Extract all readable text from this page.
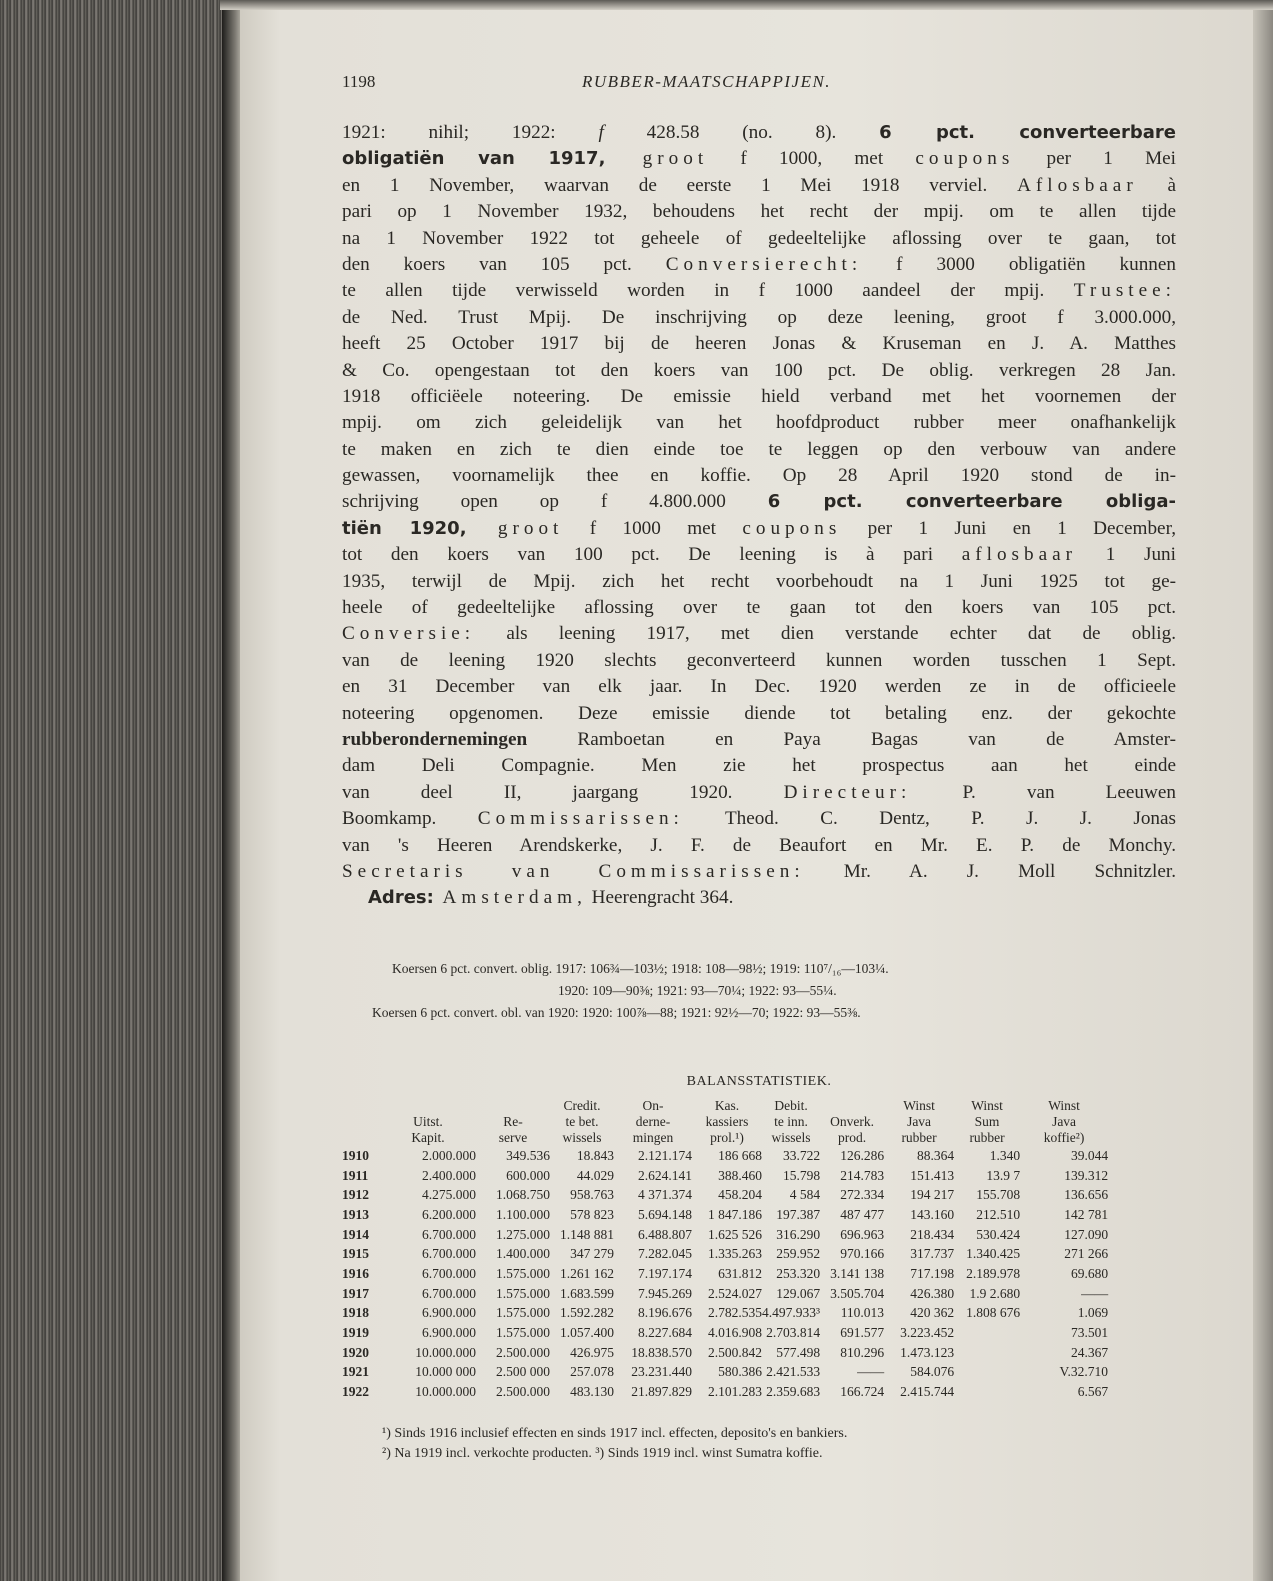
1198	RUBBER-MAATSCHAPPIJEN.
1921: nihil; 1922: f 428.58 (no. 8). 6 pct. converteerbare
obligatiën van 1917, groot f 1000, met coupons per 1 Mei
en 1 November, waarvan de eerste 1 Mei 1918 verviel. Aflosbaar à
pari op 1 November 1932, behoudens het recht der mpij. om te allen tijde
na 1 November 1922 tot geheele of gedeeltelijke aflossing over te gaan, tot
den koers van 105 pct. Conversierecht: f 3000 obligatiën kunnen
te allen tijde verwisseld worden in f 1000 aandeel der mpij. Trustee:
de Ned. Trust Mpij. De inschrijving op deze leening, groot f 3.000.000,
heeft 25 October 1917 bij de heeren Jonas & Kruseman en J. A. Matthes
& Co. opengestaan tot den koers van 100 pct. De oblig. verkregen 28 Jan.
1918 officiëele noteering. De emissie hield verband met het voornemen der
mpij. om zich geleidelijk van het hoofdproduct rubber meer onafhankelijk
te maken en zich te dien einde toe te leggen op den verbouw van andere
gewassen, voornamelijk thee en koffie. Op 28 April 1920 stond de in-
schrijving open op f 4.800.000 6 pct. converteerbare obliga-
tiën 1920, groot f 1000 met coupons per 1 Juni en 1 December,
tot den koers van 100 pct. De leening is à pari aflosbaar 1 Juni
1935, terwijl de Mpij. zich het recht voorbehoudt na 1 Juni 1925 tot ge-
heele of gedeeltelijke aflossing over te gaan tot den koers van 105 pct.
Conversie: als leening 1917, met dien verstande echter dat de oblig.
van de leening 1920 slechts geconverteerd kunnen worden tusschen 1 Sept.
en 31 December van elk jaar. In Dec. 1920 werden ze in de officieele
noteering opgenomen. Deze emissie diende tot betaling enz. der gekochte
rubberondernemingen Ramboetan en Paya Bagas van de Amster-
dam Deli Compagnie. Men zie het prospectus aan het einde
van deel II, jaargang 1920. Directeur: P. van Leeuwen
Boomkamp. Commissarissen: Theod. C. Dentz, P. J. J. Jonas
van 's Heeren Arendskerke, J. F. de Beaufort en Mr. E. P. de Monchy.
Secretaris van Commissarissen: Mr. A. J. Moll Schnitzler.
Adres: Amsterdam, Heerengracht 364.
Koersen 6 pct. convert. oblig. 1917: 106¾—103½; 1918: 108—98½; 1919: 110⁷/₁₆—103¼.
1920: 109—90⅜; 1921: 93—70¼; 1922: 93—55¼.
Koersen 6 pct. convert. obl. van 1920: 1920: 100⅞—88; 1921: 92½—70; 1922: 93—55⅜.
BALANSSTATISTIEK.
			Credit.	On-	Kas.	Debit.		Winst	Winst	Winst
	Uitst.	Re-	te bet.	derne-	kassiers	te inn.	Onverk.	Java	Sum	Java
	Kapit.	serve	wissels	mingen	prol.¹)	wissels	prod.	rubber	rubber	koffie²)
1910	2.000.000	349.536	18.843	2.121.174	186 668	33.722	126.286	88.364	1.340	39.044
1911	2.400.000	600.000	44.029	2.624.141	388.460	15.798	214.783	151.413	13.9 7	139.312
1912	4.275.000	1.068.750	958.763	4 371.374	458.204	4 584	272.334	194 217	155.708	136.656
1913	6.200.000	1.100.000	578 823	5.694.148	1 847.186	197.387	487 477	143.160	212.510	142 781
1914	6.700.000	1.275.000	1.148 881	6.488.807	1.625 526	316.290	696.963	218.434	530.424	127.090
1915	6.700.000	1.400.000	347 279	7.282.045	1.335.263	259.952	970.166	317.737	1.340.425	271 266
1916	6.700.000	1.575.000	1.261 162	7.197.174	631.812	253.320	3.141 138	717.198	2.189.978	69.680
1917	6.700.000	1.575.000	1.683.599	7.945.269	2.524.027	129.067	3.505.704	426.380	1.9 2.680	——
1918	6.900.000	1.575.000	1.592.282	8.196.676	2.782.535	4.497.933³	110.013	420 362	1.808 676	1.069
1919	6.900.000	1.575.000	1.057.400	8.227.684	4.016.908	2.703.814	691.577	3.223.452		73.501
1920	10.000.000	2.500.000	426.975	18.838.570	2.500.842	577.498	810.296	1.473.123		24.367
1921	10.000 000	2.500 000	257.078	23.231.440	580.386	2.421.533	——	584.076		V.32.710
1922	10.000.000	2.500.000	483.130	21.897.829	2.101.283	2.359.683	166.724	2.415.744		6.567
¹) Sinds 1916 inclusief effecten en sinds 1917 incl. effecten, deposito's en bankiers.
²) Na 1919 incl. verkochte producten. ³) Sinds 1919 incl. winst Sumatra koffie.
